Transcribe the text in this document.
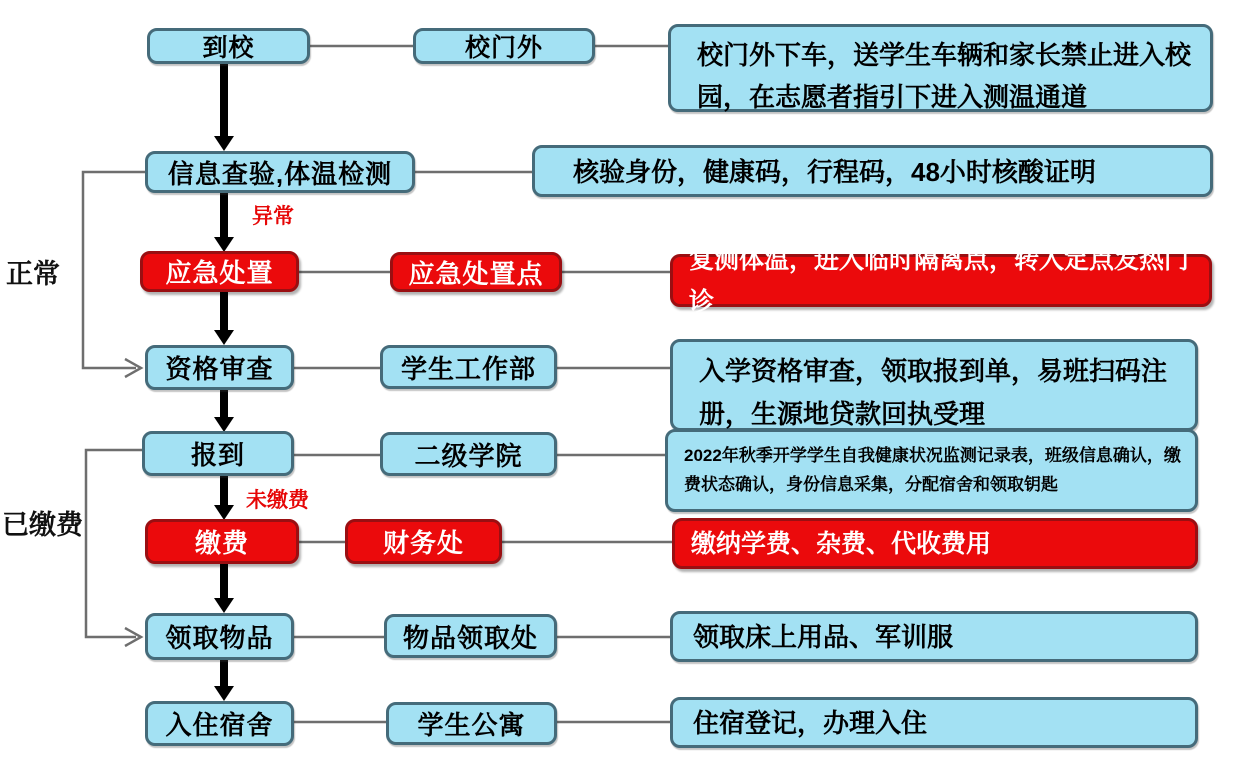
正常
已缴费
异常
未缴费
到校	校门外	校门外下车，送学生车辆和家长禁止进入校园，在志愿者指引下进入测温通道
信息查验,体温检测	核验身份，健康码，行程码，48小时核酸证明
应急处置	应急处置点	复测体温，进入临时隔离点，转入定点发热门诊
资格审查	学生工作部	入学资格审查，领取报到单，易班扫码注册，生源地贷款回执受理
报到	二级学院	2022年秋季开学学生自我健康状况监测记录表，班级信息确认，缴费状态确认，身份信息采集，分配宿舍和领取钥匙
缴费	财务处	缴纳学费、杂费、代收费用
领取物品	物品领取处	领取床上用品、军训服
入住宿舍	学生公寓	住宿登记，办理入住
